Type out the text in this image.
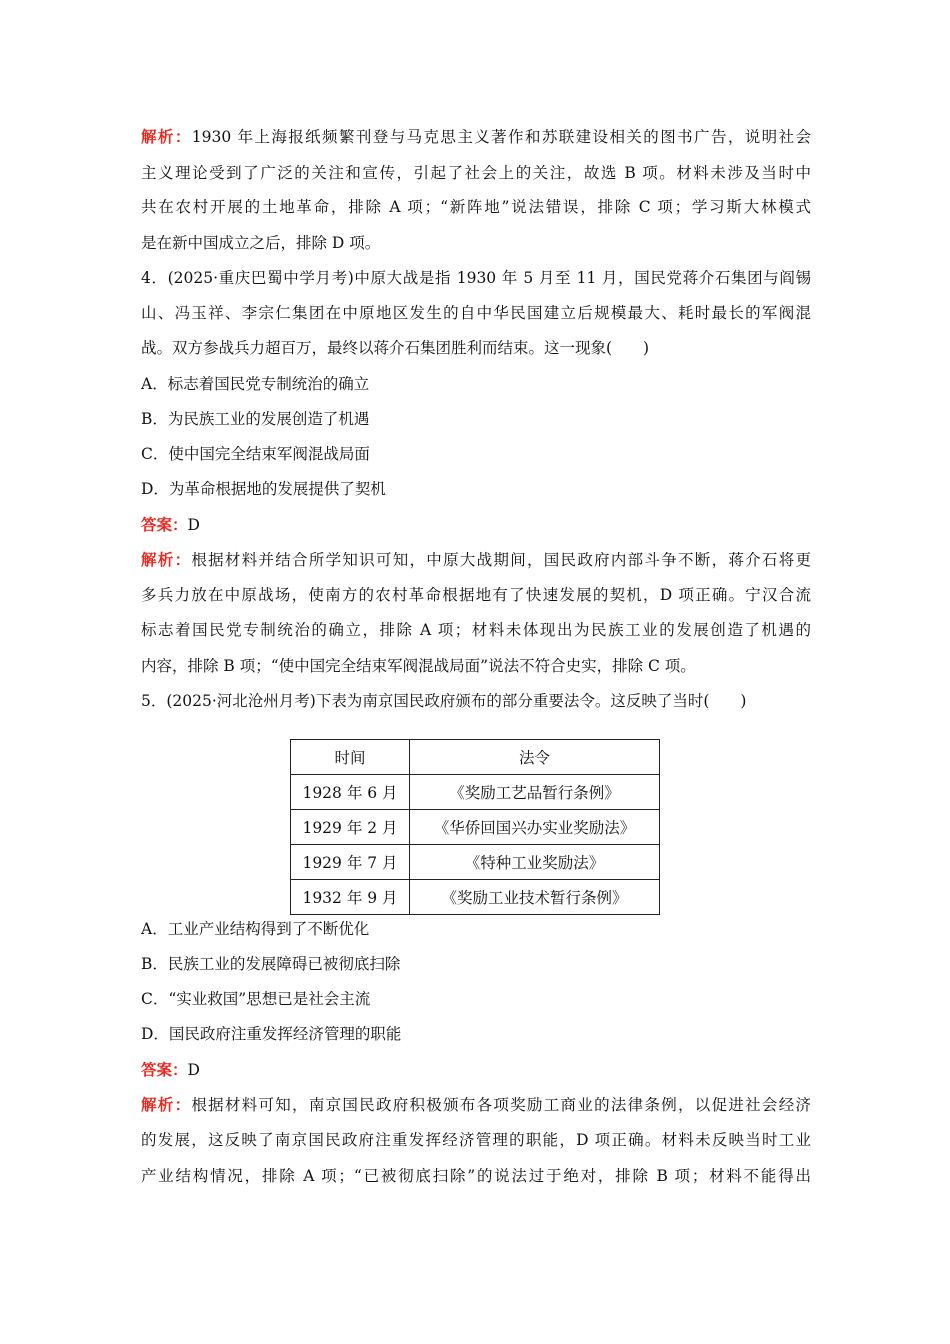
解析：1930 年上海报纸频繁刊登与马克思主义著作和苏联建设相关的图书广告，说明社会
主义理论受到了广泛的关注和宣传，引起了社会上的关注，故选 B 项。材料未涉及当时中
共在农村开展的土地革命，排除 A 项；“新阵地”说法错误，排除 C 项；学习斯大林模式
是在新中国成立之后，排除 D 项。
4．(2025·重庆巴蜀中学月考)中原大战是指 1930 年 5 月至 11 月，国民党蒋介石集团与阎锡
山、冯玉祥、李宗仁集团在中原地区发生的自中华民国建立后规模最大、耗时最长的军阀混
战。双方参战兵力超百万，最终以蒋介石集团胜利而结束。这一现象(　　)
A．标志着国民党专制统治的确立
B．为民族工业的发展创造了机遇
C．使中国完全结束军阀混战局面
D．为革命根据地的发展提供了契机
答案：D
解析：根据材料并结合所学知识可知，中原大战期间，国民政府内部斗争不断，蒋介石将更
多兵力放在中原战场，使南方的农村革命根据地有了快速发展的契机，D 项正确。宁汉合流
标志着国民党专制统治的确立，排除 A 项；材料未体现出为民族工业的发展创造了机遇的
内容，排除 B 项；“使中国完全结束军阀混战局面”说法不符合史实，排除 C 项。
5．(2025·河北沧州月考)下表为南京国民政府颁布的部分重要法令。这反映了当时(　　)
时间	法令
1928 年 6 月	《奖励工艺品暂行条例》
1929 年 2 月	《华侨回国兴办实业奖励法》
1929 年 7 月	《特种工业奖励法》
1932 年 9 月	《奖励工业技术暂行条例》
A．工业产业结构得到了不断优化
B．民族工业的发展障碍已被彻底扫除
C．“实业救国”思想已是社会主流
D．国民政府注重发挥经济管理的职能
答案：D
解析：根据材料可知，南京国民政府积极颁布各项奖励工商业的法律条例，以促进社会经济
的发展，这反映了南京国民政府注重发挥经济管理的职能，D 项正确。材料未反映当时工业
产业结构情况，排除 A 项；“已被彻底扫除”的说法过于绝对，排除 B 项；材料不能得出
